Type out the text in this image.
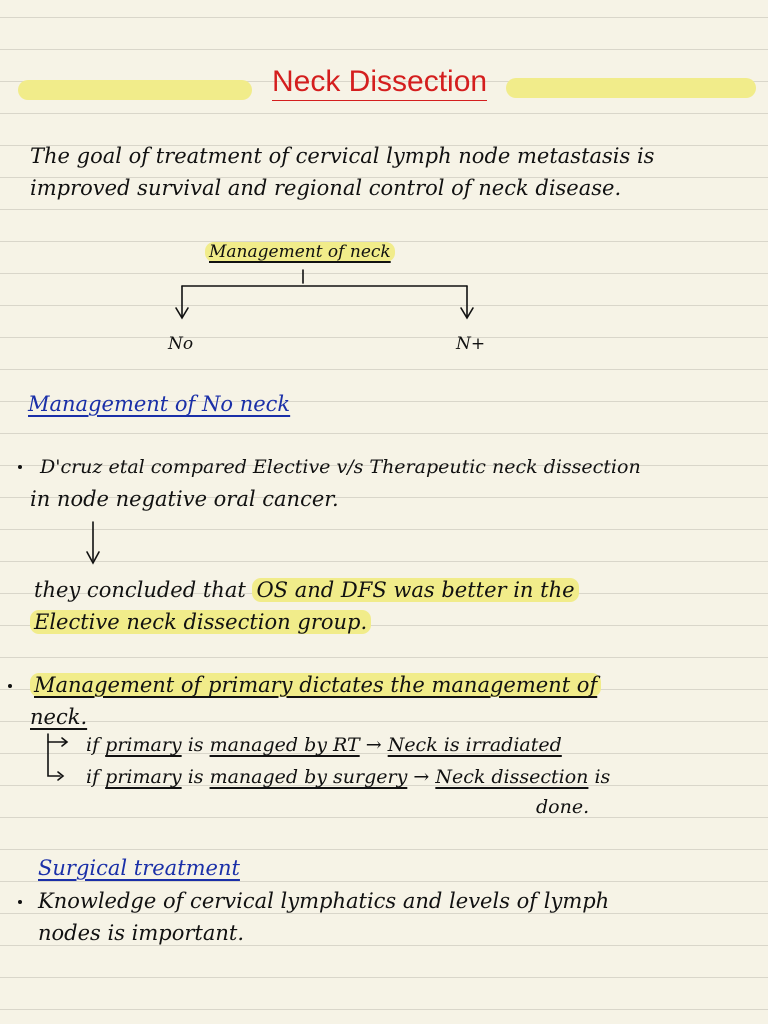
Neck Dissection
The goal of treatment of cervical lymph node metastasis is
improved survival and regional control of neck disease.
Management of neck
No	N+
Management of No neck
D'cruz etal compared Elective v/s Therapeutic neck dissection
in node negative oral cancer.
they concluded that OS and DFS was better in the
Elective neck dissection group.
Management of primary dictates the management of
neck.
if primary is managed by RT → Neck is irradiated
if primary is managed by surgery → Neck dissection is
done.
Surgical treatment
Knowledge of cervical lymphatics and levels of lymph
nodes is important.
